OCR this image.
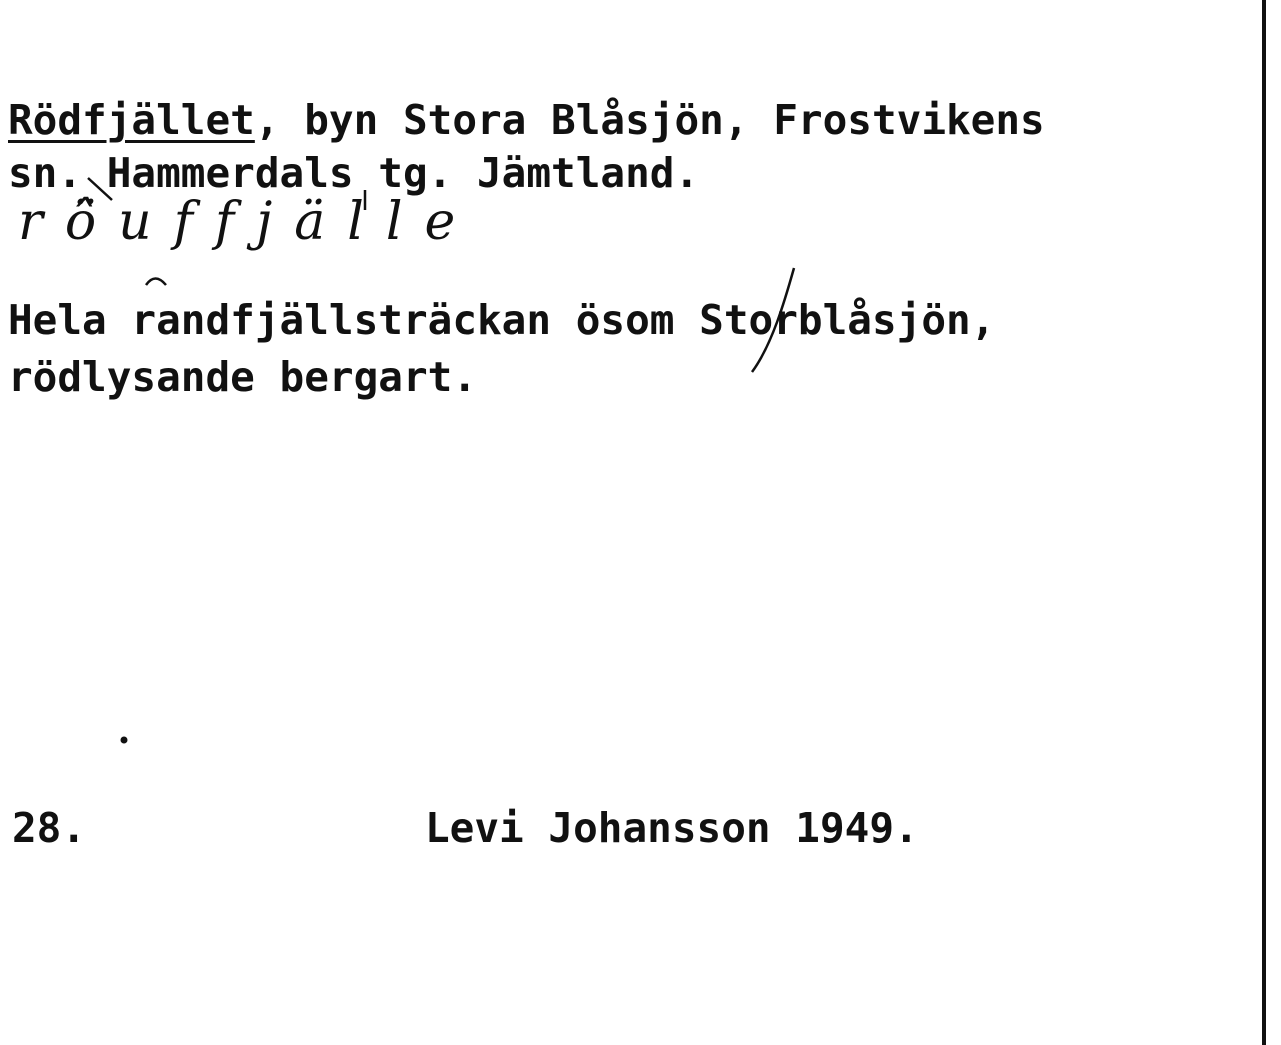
Rödfjället, byn Stora Blåsjön, Frostvikens
sn. Hammerdals tg. Jämtland.
rö̂uffjälle
Hela randfjällsträckan ösom Storblåsjön,
rödlysande bergart.
28.	Levi Johansson 1949.
